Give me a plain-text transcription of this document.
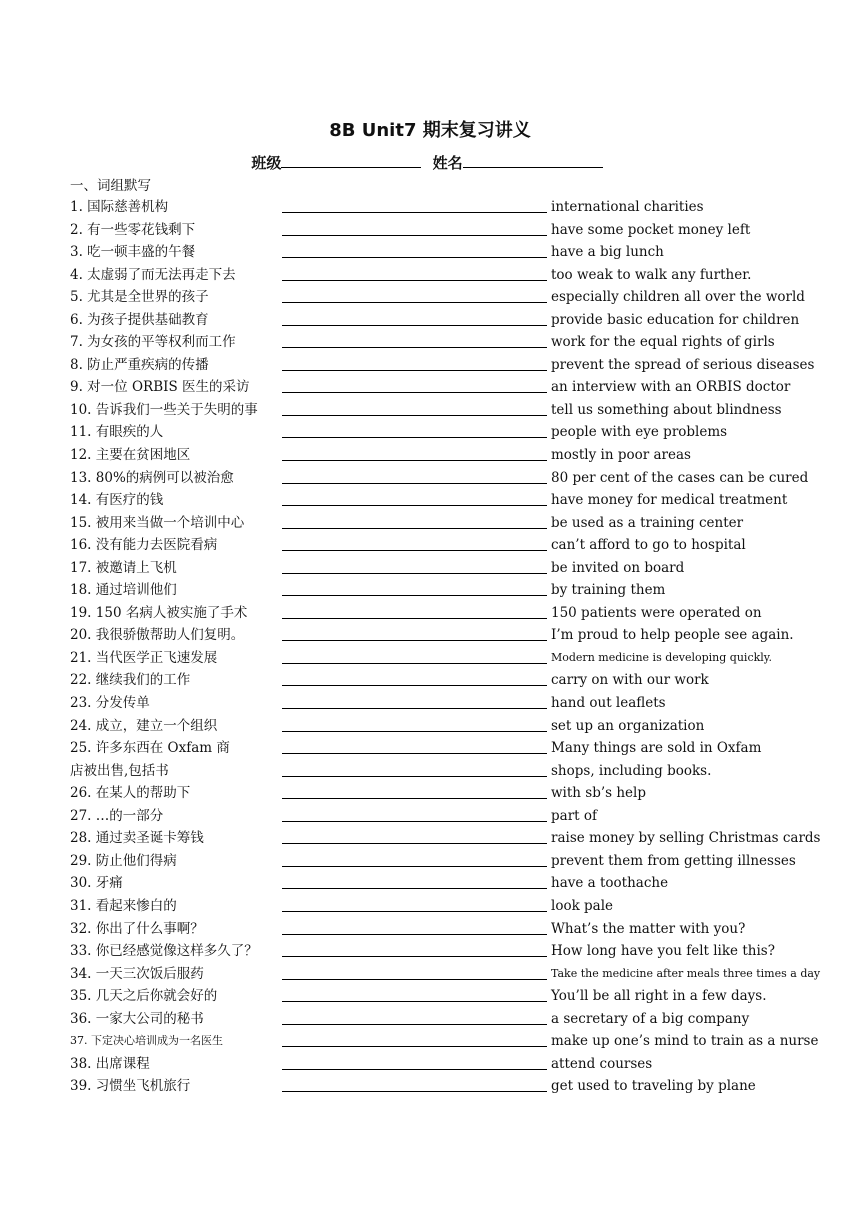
8B Unit7 期末复习讲义
班级	姓名
一、词组默写
1. 国际慈善机构	international charities
2. 有一些零花钱剩下	have some pocket money left
3. 吃一顿丰盛的午餐	have a big lunch
4. 太虚弱了而无法再走下去	too weak to walk any further.
5. 尤其是全世界的孩子	especially children all over the world
6. 为孩子提供基础教育	provide basic education for children
7. 为女孩的平等权利而工作	work for the equal rights of girls
8. 防止严重疾病的传播	prevent the spread of serious diseases
9. 对一位 ORBIS 医生的采访	an interview with an ORBIS doctor
10. 告诉我们一些关于失明的事	tell us something about blindness
11. 有眼疾的人	people with eye problems
12. 主要在贫困地区	mostly in poor areas
13. 80%的病例可以被治愈	80 per cent of the cases can be cured
14. 有医疗的钱	have money for medical treatment
15. 被用来当做一个培训中心	be used as a training center
16. 没有能力去医院看病	can’t afford to go to hospital
17. 被邀请上飞机	be invited on board
18. 通过培训他们	by training them
19. 150 名病人被实施了手术	150 patients were operated on
20. 我很骄傲帮助人们复明。	I’m proud to help people see again.
21. 当代医学正飞速发展	Modern medicine is developing quickly.
22. 继续我们的工作	carry on with our work
23. 分发传单	hand out leaflets
24. 成立，建立一个组织	set up an organization
25. 许多东西在 Oxfam 商	Many things are sold in Oxfam
店被出售,包括书	shops, including books.
26. 在某人的帮助下	with sb’s help
27. …的一部分	part of
28. 通过卖圣诞卡筹钱	raise money by selling Christmas cards
29. 防止他们得病	prevent them from getting illnesses
30. 牙痛	have a toothache
31. 看起来惨白的	look pale
32. 你出了什么事啊？	What’s the matter with you?
33. 你已经感觉像这样多久了？	How long have you felt like this?
34. 一天三次饭后服药	Take the medicine after meals three times a day
35. 几天之后你就会好的	You’ll be all right in a few days.
36. 一家大公司的秘书	a secretary of a big company
37. 下定决心培训成为一名医生	make up one’s mind to train as a nurse
38. 出席课程	attend courses
39. 习惯坐飞机旅行	get used to traveling by plane
